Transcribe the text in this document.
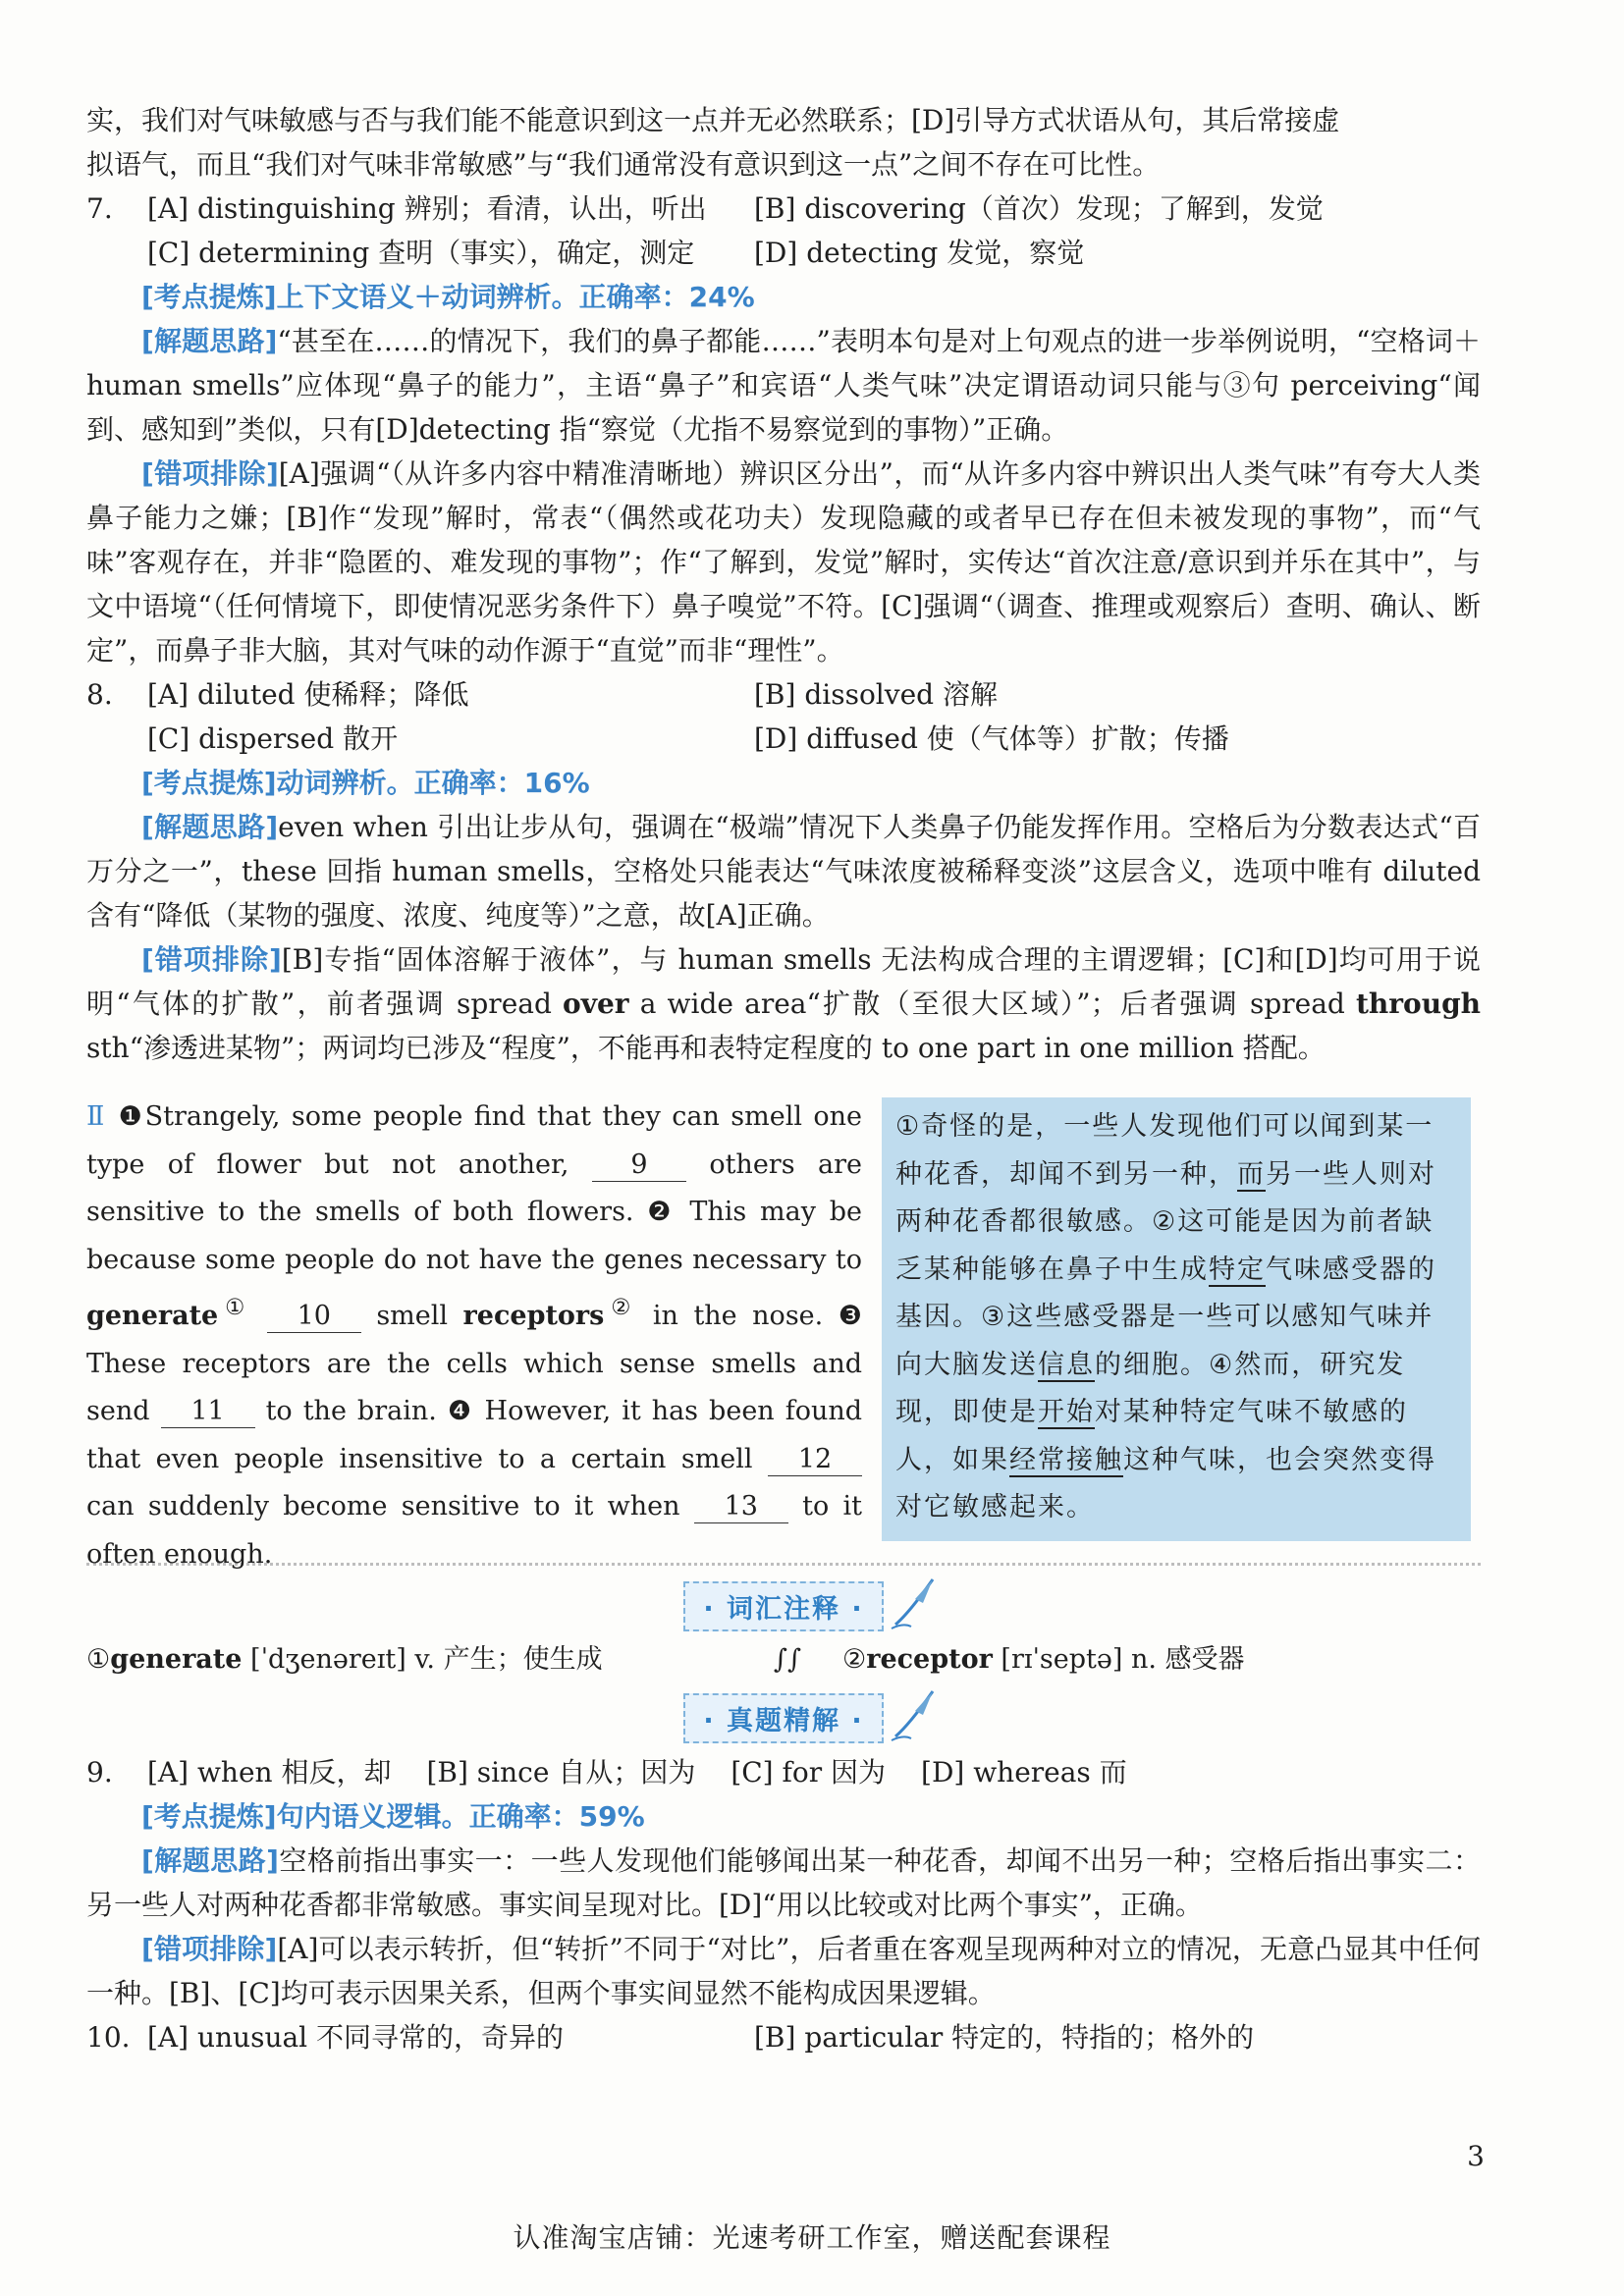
实，我们对气味敏感与否与我们能不能意识到这一点并无必然联系；[D]引导方式状语从句，其后常接虚

拟语气，而且“我们对气味非常敏感”与“我们通常没有意识到这一点”之间不存在可比性。

7.	[A] distinguishing 辨别；看清，认出，听出	[B] discovering（首次）发现；了解到，发觉
[C] determining 查明（事实），确定，测定	[D] detecting 发觉，察觉

[考点提炼]上下文语义＋动词辨析。正确率：24%

[解题思路]“甚至在……的情况下，我们的鼻子都能……”表明本句是对上句观点的进一步举例说明，“空格词＋human smells”应体现“鼻子的能力”，主语“鼻子”和宾语“人类气味”决定谓语动词只能与③句 perceiving“闻到、感知到”类似，只有[D]detecting 指“察觉（尤指不易察觉到的事物）”正确。

[错项排除][A]强调“（从许多内容中精准清晰地）辨识区分出”，而“从许多内容中辨识出人类气味”有夸大人类鼻子能力之嫌；[B]作“发现”解时，常表“（偶然或花功夫）发现隐藏的或者早已存在但未被发现的事物”，而“气味”客观存在，并非“隐匿的、难发现的事物”；作“了解到，发觉”解时，实传达“首次注意/意识到并乐在其中”，与文中语境“（任何情境下，即使情况恶劣条件下）鼻子嗅觉”不符。[C]强调“（调查、推理或观察后）查明、确认、断定”，而鼻子非大脑，其对气味的动作源于“直觉”而非“理性”。

8.	[A] diluted 使稀释；降低	[B] dissolved 溶解
[C] dispersed 散开	[D] diffused 使（气体等）扩散；传播

[考点提炼]动词辨析。正确率：16%

[解题思路]even when 引出让步从句，强调在“极端”情况下人类鼻子仍能发挥作用。空格后为分数表达式“百万分之一”，these 回指 human smells，空格处只能表达“气味浓度被稀释变淡”这层含义，选项中唯有 diluted 含有“降低（某物的强度、浓度、纯度等）”之意，故[A]正确。

[错项排除][B]专指“固体溶解于液体”，与 human smells 无法构成合理的主谓逻辑；[C]和[D]均可用于说明“气体的扩散”，前者强调 spread over a wide area“扩散（至很大区域）”；后者强调 spread through sth“渗透进某物”；两词均已涉及“程度”，不能再和表特定程度的 to one part in one million 搭配。

Ⅱ ❶Strangely, some people find that they can smell one type of flower but not another, 9 others are sensitive to the smells of both flowers. ❷ This may be because some people do not have the genes necessary to generate① 10 smell receptors② in the nose. ❸ These receptors are the cells which sense smells and send 11 to the brain. ❹ However, it has been found that even people insensitive to a certain smell 12 can suddenly become sensitive to it when 13 to it often enough.
①奇怪的是，一些人发现他们可以闻到某一种花香，却闻不到另一种，而另一些人则对两种花香都很敏感。②这可能是因为前者缺乏某种能够在鼻子中生成特定气味感受器的基因。③这些感受器是一些可以感知气味并向大脑发送信息的细胞。④然而，研究发现，即使是开始对某种特定气味不敏感的人，如果经常接触这种气味，也会突然变得对它敏感起来。
· 词汇注释 ·
①generate [ˈdʒenəreɪt] v. 产生；使生成	∫∫	②receptor [rɪˈseptə] n. 感受器
· 真题精解 ·
9. [A] when 相反，却 [B] since 自从；因为 [C] for 因为 [D] whereas 而

[考点提炼]句内语义逻辑。正确率：59%

[解题思路]空格前指出事实一：一些人发现他们能够闻出某一种花香，却闻不出另一种；空格后指出事实二：另一些人对两种花香都非常敏感。事实间呈现对比。[D]“用以比较或对比两个事实”，正确。

[错项排除][A]可以表示转折，但“转折”不同于“对比”，后者重在客观呈现两种对立的情况，无意凸显其中任何一种。[B]、[C]均可表示因果关系，但两个事实间显然不能构成因果逻辑。

10. [A] unusual 不同寻常的，奇异的	[B] particular 特定的，特指的；格外的
3
认准淘宝店铺：光速考研工作室，赠送配套课程
